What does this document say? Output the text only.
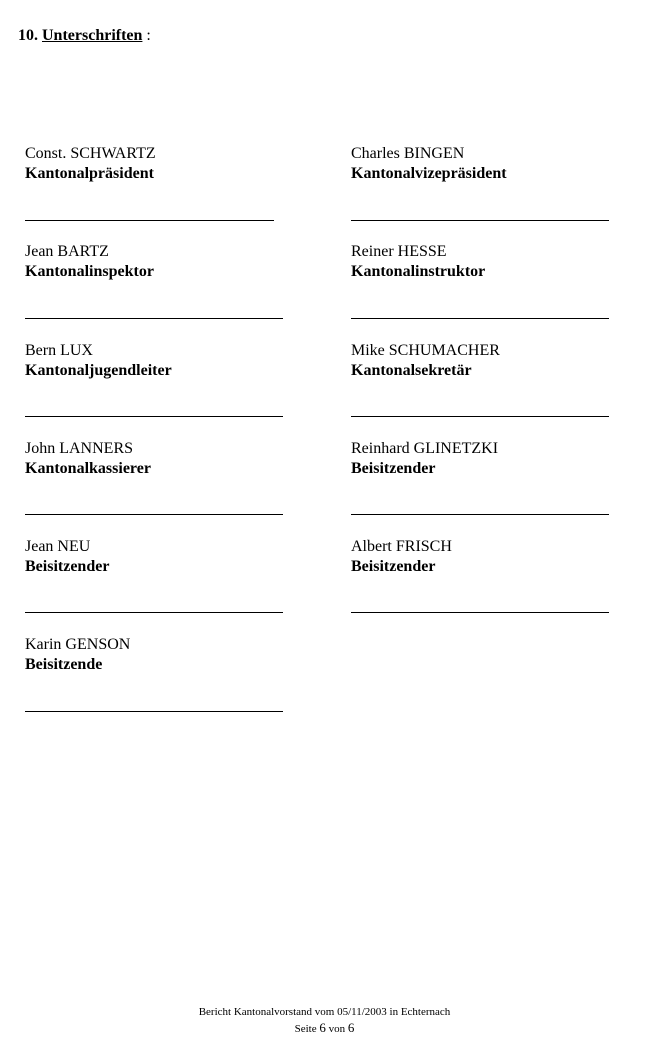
10. Unterschriften :
Const. SCHWARTZ
Kantonalpräsident
Charles BINGEN
Kantonalvizepräsident
Jean BARTZ
Kantonalinspektor
Reiner HESSE
Kantonalinstruktor
Bern LUX
Kantonaljugendleiter
Mike SCHUMACHER
Kantonalsekretär
John LANNERS
Kantonalkassierer
Reinhard GLINETZKI
Beisitzender
Jean NEU
Beisitzender
Albert FRISCH
Beisitzender
Karin GENSON
Beisitzende
Bericht Kantonalvorstand vom 05/11/2003 in Echternach
Seite 6 von 6
